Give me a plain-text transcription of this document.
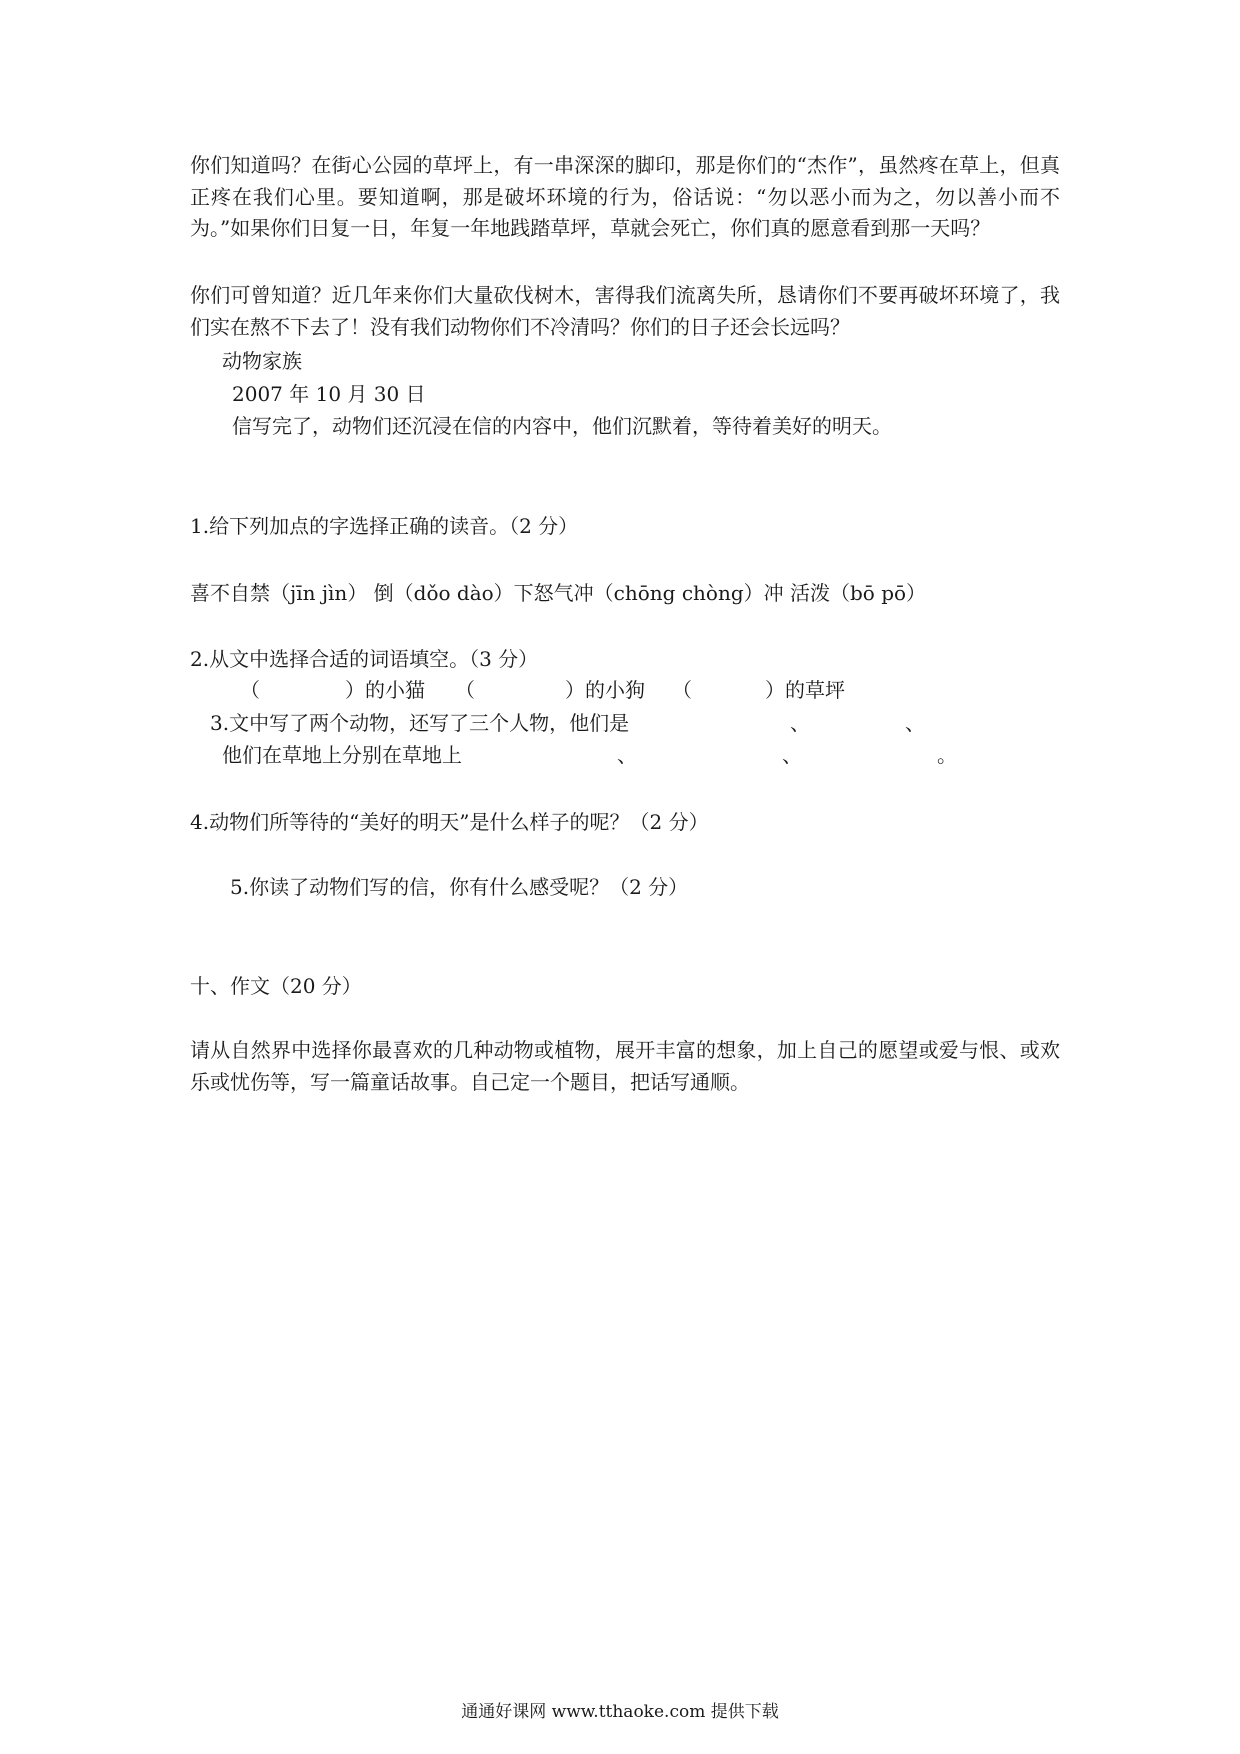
你们知道吗？在街心公园的草坪上，有一串深深的脚印，那是你们的“杰作”，虽然疼在草上，但真正疼在我们心里。要知道啊，那是破坏环境的行为，俗话说：“勿以恶小而为之，勿以善小而不为。”如果你们日复一日，年复一年地践踏草坪，草就会死亡，你们真的愿意看到那一天吗？
你们可曾知道？近几年来你们大量砍伐树木，害得我们流离失所，恳请你们不要再破坏环境了，我们实在熬不下去了！没有我们动物你们不冷清吗？你们的日子还会长远吗？
动物家族
2007 年 10 月 30 日
信写完了，动物们还沉浸在信的内容中，他们沉默着，等待着美好的明天。
1.给下列加点的字选择正确的读音。（2 分）
喜不自禁（jīn jìn） 倒（dǒo dào）下怒气冲（chōng chòng）冲 活泼（bō pō）
2.从文中选择合适的词语填空。（3 分）
（	）的小猫 （	）的小狗 （	）的草坪
3.文中写了两个动物，还写了三个人物，他们是	、	、
他们在草地上分别在草地上	、	、	。
4.动物们所等待的“美好的明天”是什么样子的呢？（2 分）
5.你读了动物们写的信，你有什么感受呢？（2 分）
十、作文（20 分）
请从自然界中选择你最喜欢的几种动物或植物，展开丰富的想象，加上自己的愿望或爱与恨、或欢乐或忧伤等，写一篇童话故事。自己定一个题目，把话写通顺。
通通好课网 www.tthaoke.com 提供下载
